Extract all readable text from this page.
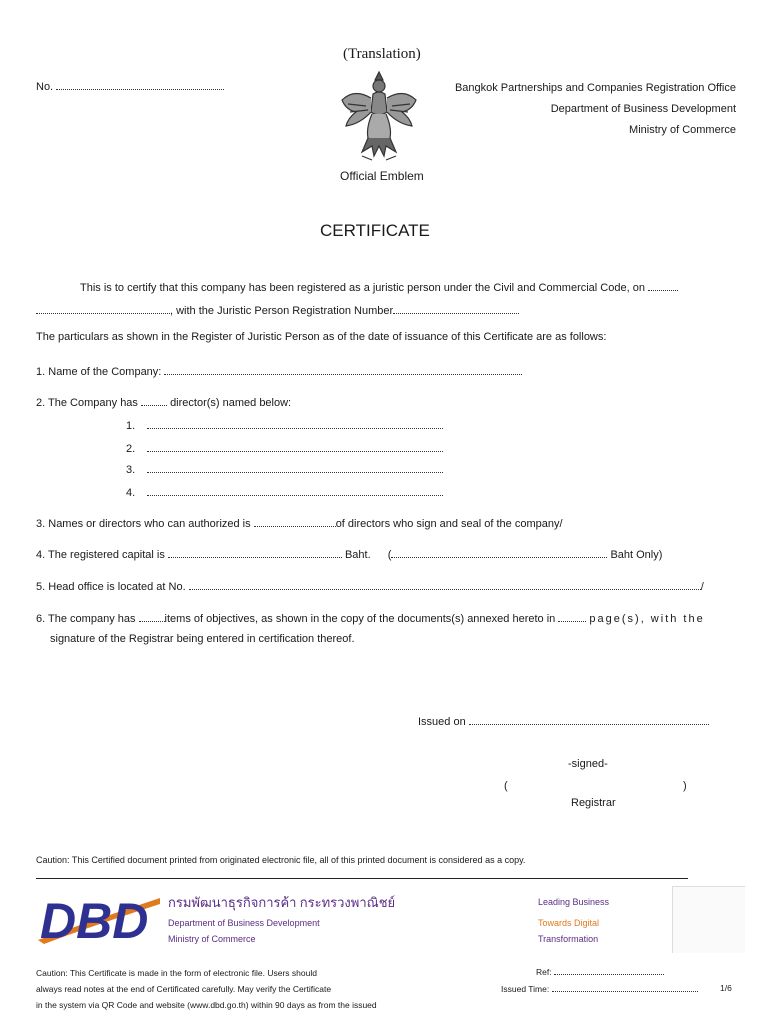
(Translation)
No.	Bangkok Partnerships and Companies Registration Office
Department of Business Development
Ministry of Commerce
Official Emblem
CERTIFICATE
This is to certify that this company has been registered as a juristic person under the Civil and Commercial Code, on
, with the Juristic Person Registration Number
The particulars as shown in the Register of Juristic Person as of the date of issuance of this Certificate are as follows:
1. Name of the Company:
2. The Company has	director(s) named below:
1.
2.
3.
4.
3. Names or directors who can authorized is	of directors who sign and seal of the company/
4. The registered capital is	Baht. (	Baht Only)
5. Head office is located at No.	/
6. The company has	items of objectives, as shown in the copy of the documents(s) annexed hereto in	page(s), with the
signature of the Registrar being entered in certification thereof.
Issued on
-signed-
(	)
Registrar
Caution: This Certified document printed from originated electronic file, all of this printed document is considered as a copy.
DBD กรมพัฒนาธุรกิจการค้า กระทรวงพาณิชย์
Department of Business Development
Ministry of Commerce
Leading Business
Towards Digital
Transformation
Caution: This Certificate is made in the form of electronic file. Users should
always read notes at the end of Certificated carefully. May verify the Certificate
in the system via QR Code and website (www.dbd.go.th) within 90 days as from the issued
Ref:
Issued Time:	1/6
